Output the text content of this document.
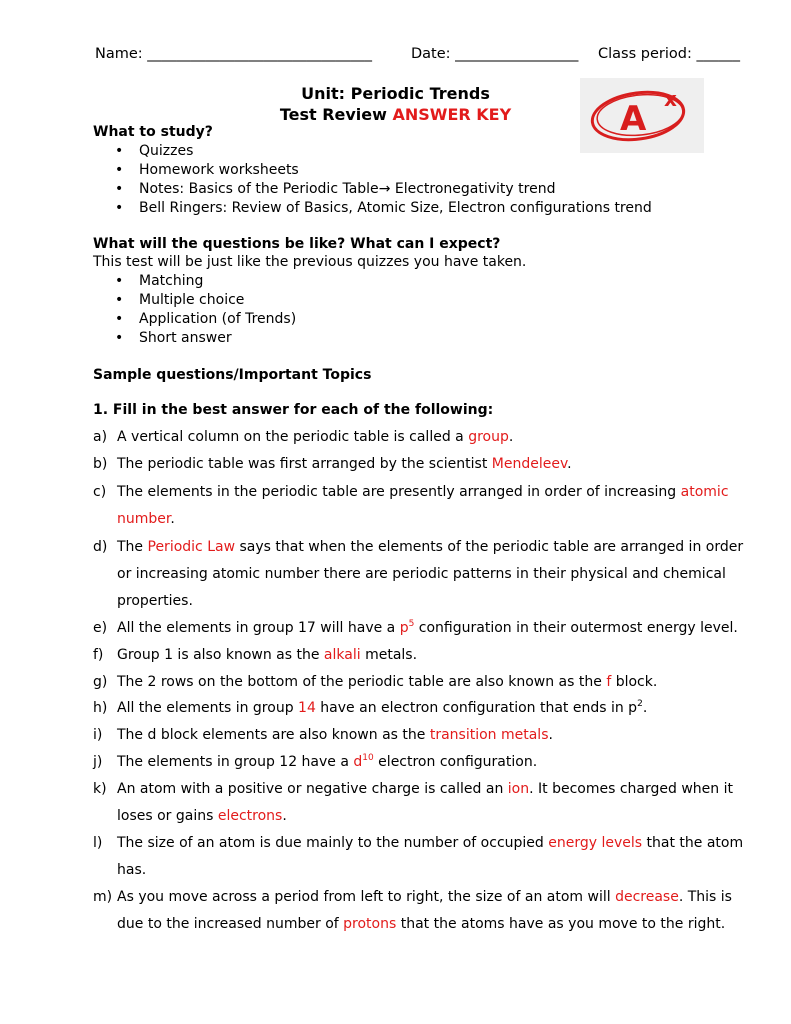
Name: _______________________________	Date: _________________ Class period: ______
Unit: Periodic Trends
Test Review ANSWER KEY	A x
What to study?
• Quizzes
• Homework worksheets
• Notes: Basics of the Periodic Table→ Electronegativity trend
• Bell Ringers: Review of Basics, Atomic Size, Electron configurations trend
What will the questions be like? What can I expect?
This test will be just like the previous quizzes you have taken.
• Matching
• Multiple choice
• Application (of Trends)
• Short answer
Sample questions/Important Topics
1. Fill in the best answer for each of the following:
a) A vertical column on the periodic table is called a group.
b) The periodic table was first arranged by the scientist Mendeleev.
c) The elements in the periodic table are presently arranged in order of increasing atomic
number.
d) The Periodic Law says that when the elements of the periodic table are arranged in order
or increasing atomic number there are periodic patterns in their physical and chemical
properties.
e) All the elements in group 17 will have a $p^5$ configuration in their outermost energy level.
f) Group 1 is also known as the alkali metals.
g) The 2 rows on the bottom of the periodic table are also known as the f block.
h) All the elements in group 14 have an electron configuration that ends in $p^2$.
i) The d block elements are also known as the transition metals.
j) The elements in group 12 have a $d^{10}$ electron configuration.
k) An atom with a positive or negative charge is called an ion. It becomes charged when it
loses or gains electrons.
l) The size of an atom is due mainly to the number of occupied energy levels that the atom
has.
m) As you move across a period from left to right, the size of an atom will decrease. This is
due to the increased number of protons that the atoms have as you move to the right.
